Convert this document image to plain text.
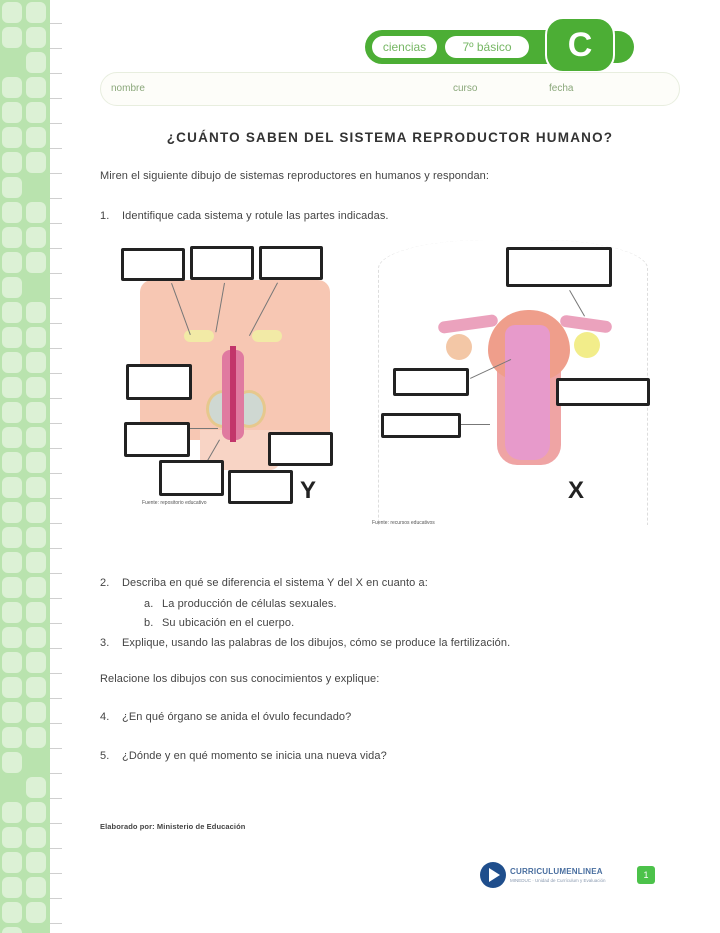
ciencias	7º básico	C
nombre	curso	fecha
¿CUÁNTO SABEN DEL SISTEMA REPRODUCTOR HUMANO?
Miren el siguiente dibujo de sistemas reproductores en humanos y respondan:
1. Identifique cada sistema y rotule las partes indicadas.
Y
Fuente: repositorio educativo	X
Fuente: recursos educativos
2. Describa en qué se diferencia el sistema Y del X en cuanto a:
a. La producción de células sexuales.
b. Su ubicación en el cuerpo.
3. Explique, usando las palabras de los dibujos, cómo se produce la fertilización.
Relacione los dibujos con sus conocimientos y explique:
4. ¿En qué órgano se anida el óvulo fecundado?
5. ¿Dónde y en qué momento se inicia una nueva vida?
Elaborado por: Ministerio de Educación
CURRICULUMENLINEA
MINEDUC · Unidad de Currículum y Evaluación
1
